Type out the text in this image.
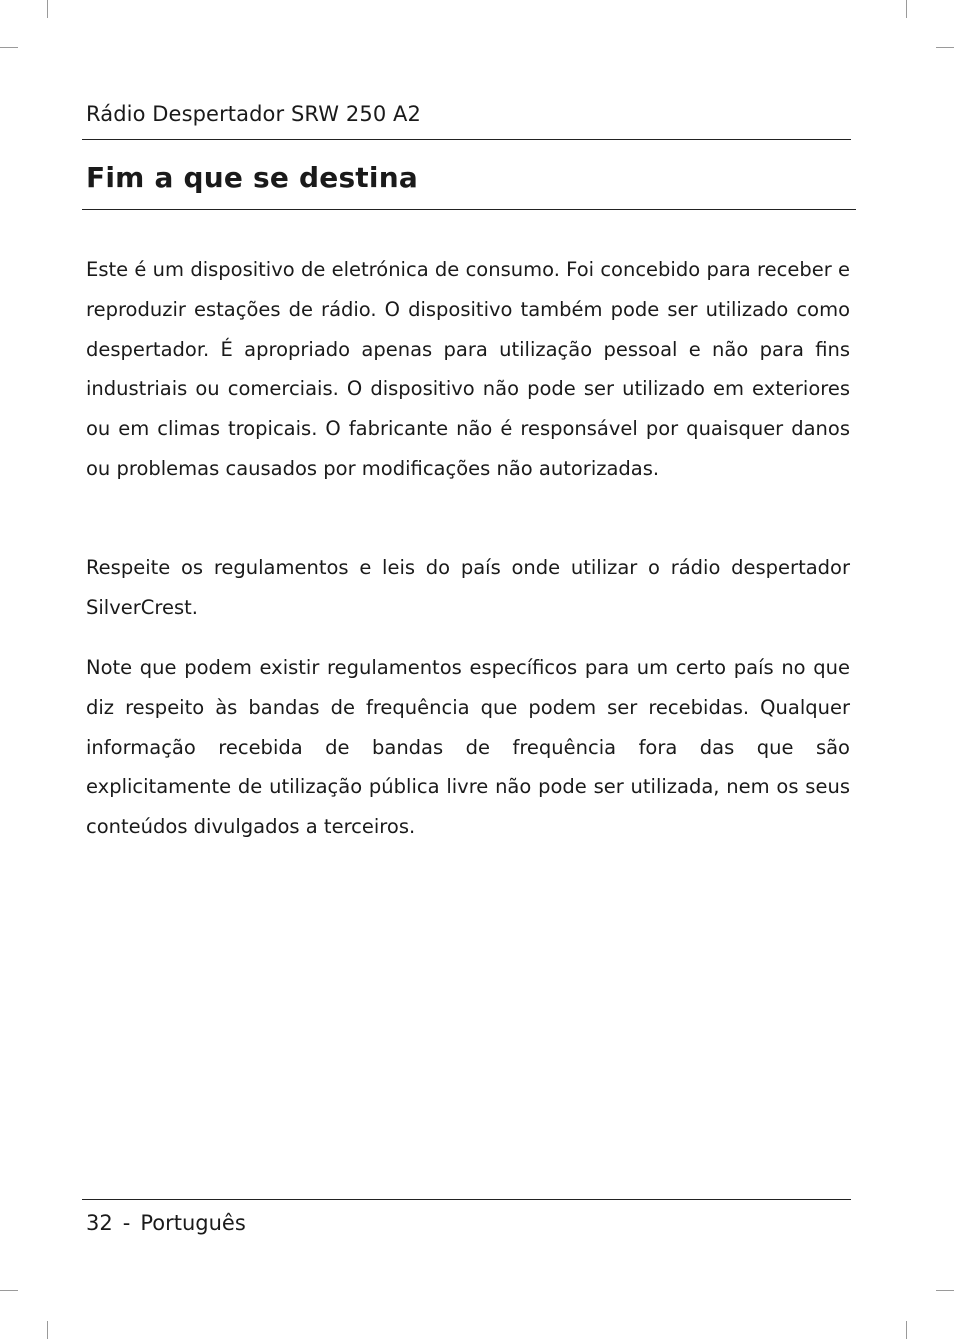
Rádio Despertador SRW 250 A2
Fim a que se destina

Este é um dispositivo de eletrónica de consumo. Foi concebido para receber e reproduzir estações de rádio. O dispositivo também pode ser utilizado como despertador. É apropriado apenas para utilização pessoal e não para fins industriais ou comerciais. O dispositivo não pode ser utilizado em exteriores ou em climas tropicais. O fabricante não é responsável por quaisquer danos ou problemas causados por modificações não autorizadas.

Respeite os regulamentos e leis do país onde utilizar o rádio despertador SilverCrest.

Note que podem existir regulamentos específicos para um certo país no que diz respeito às bandas de frequência que podem ser recebidas. Qualquer informação recebida de bandas de frequência fora das que são explicitamente de utilização pública livre não pode ser utilizada, nem os seus conteúdos divulgados a terceiros.

32 - Português
